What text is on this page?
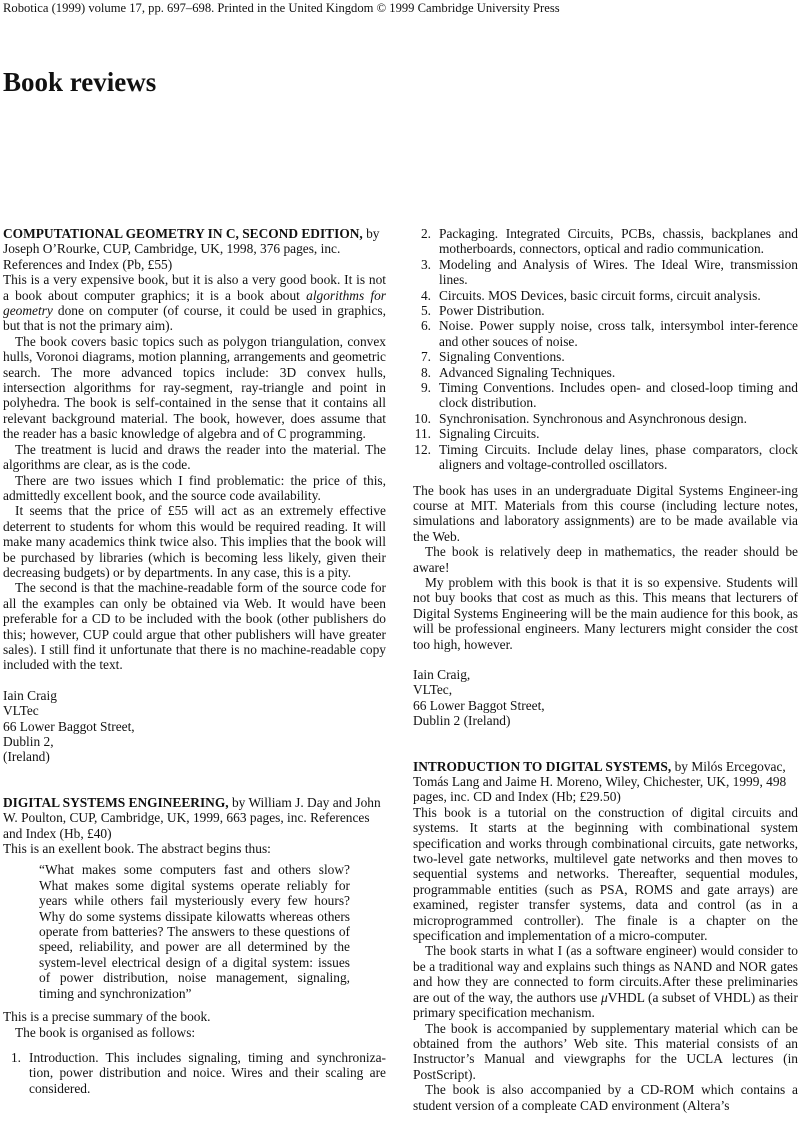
Robotica (1999) volume 17, pp. 697–698. Printed in the United Kingdom © 1999 Cambridge University Press
Book reviews

COMPUTATIONAL GEOMETRY IN C, SECOND EDITION, by Joseph O’Rourke, CUP, Cambridge, UK, 1998, 376 pages, inc. References and Index (Pb, £55)

This is a very expensive book, but it is also a very good book. It is not a book about computer graphics; it is a book about algorithms for geometry done on computer (of course, it could be used in graphics, but that is not the primary aim).

The book covers basic topics such as polygon triangulation, convex hulls, Voronoi diagrams, motion planning, arrangements and geometric search. The more advanced topics include: 3D convex hulls, intersection algorithms for ray-segment, ray-triangle and point in polyhedra. The book is self-contained in the sense that it contains all relevant background material. The book, however, does assume that the reader has a basic knowledge of algebra and of C programming.

The treatment is lucid and draws the reader into the material. The algorithms are clear, as is the code.

There are two issues which I find problematic: the price of this, admittedly excellent book, and the source code availability.

It seems that the price of £55 will act as an extremely effective deterrent to students for whom this would be required reading. It will make many academics think twice also. This implies that the book will be purchased by libraries (which is becoming less likely, given their decreasing budgets) or by departments. In any case, this is a pity.

The second is that the machine-readable form of the source code for all the examples can only be obtained via Web. It would have been preferable for a CD to be included with the book (other publishers do this; however, CUP could argue that other publishers will have greater sales). I still find it unfortunate that there is no machine-readable copy included with the text.

Iain Craig

VLTec

66 Lower Baggot Street,

Dublin 2,

(Ireland)

DIGITAL SYSTEMS ENGINEERING, by William J. Day and John W. Poulton, CUP, Cambridge, UK, 1999, 663 pages, inc. References and Index (Hb, £40)

This is an exellent book. The abstract begins thus:

“What makes some computers fast and others slow? What makes some digital systems operate reliably for years while others fail mysteriously every few hours? Why do some systems dissipate kilowatts whereas others operate from batteries? The answers to these questions of speed, reliability, and power are all determined by the system-level electrical design of a digital system: issues of power distribution, noise management, signaling, timing and synchronization”

This is a precise summary of the book.

The book is organised as follows:

1. Introduction. This includes signaling, timing and synchroniza-tion, power distribution and noice. Wires and their scaling are considered.
2. Packaging. Integrated Circuits, PCBs, chassis, backplanes and motherboards, connectors, optical and radio communication.
3. Modeling and Analysis of Wires. The Ideal Wire, transmission lines.
4. Circuits. MOS Devices, basic circuit forms, circuit analysis.
5. Power Distribution.
6. Noise. Power supply noise, cross talk, intersymbol inter-ference and other souces of noise.
7. Signaling Conventions.
8. Advanced Signaling Techniques.
9. Timing Conventions. Includes open- and closed-loop timing and clock distribution.
10. Synchronisation. Synchronous and Asynchronous design.
11. Signaling Circuits.
12. Timing Circuits. Include delay lines, phase comparators, clock aligners and voltage-controlled oscillators.

The book has uses in an undergraduate Digital Systems Engineer-ing course at MIT. Materials from this course (including lecture notes, simulations and laboratory assignments) are to be made available via the Web.

The book is relatively deep in mathematics, the reader should be aware!

My problem with this book is that it is so expensive. Students will not buy books that cost as much as this. This means that lecturers of Digital Systems Engineering will be the main audience for this book, as will be professional engineers. Many lecturers might consider the cost too high, however.

Iain Craig,

VLTec,

66 Lower Baggot Street,

Dublin 2 (Ireland)

INTRODUCTION TO DIGITAL SYSTEMS, by Milós Ercegovac, Tomás Lang and Jaime H. Moreno, Wiley, Chichester, UK, 1999, 498 pages, inc. CD and Index (Hb; £29.50)

This book is a tutorial on the construction of digital circuits and systems. It starts at the beginning with combinational system specification and works through combinational circuits, gate networks, two-level gate networks, multilevel gate networks and then moves to sequential systems and networks. Thereafter, sequential modules, programmable entities (such as PSA, ROMS and gate arrays) are examined, register transfer systems, data and control (as in a microprogrammed controller). The finale is a chapter on the specification and implementation of a micro-computer.

The book starts in what I (as a software engineer) would consider to be a traditional way and explains such things as NAND and NOR gates and how they are connected to form circuits.After these preliminaries are out of the way, the authors use μVHDL (a subset of VHDL) as their primary specification mechanism.

The book is accompanied by supplementary material which can be obtained from the authors’ Web site. This material consists of an Instructor’s Manual and viewgraphs for the UCLA lectures (in PostScript).

The book is also accompanied by a CD-ROM which contains a student version of a compleate CAD environment (Altera’s
